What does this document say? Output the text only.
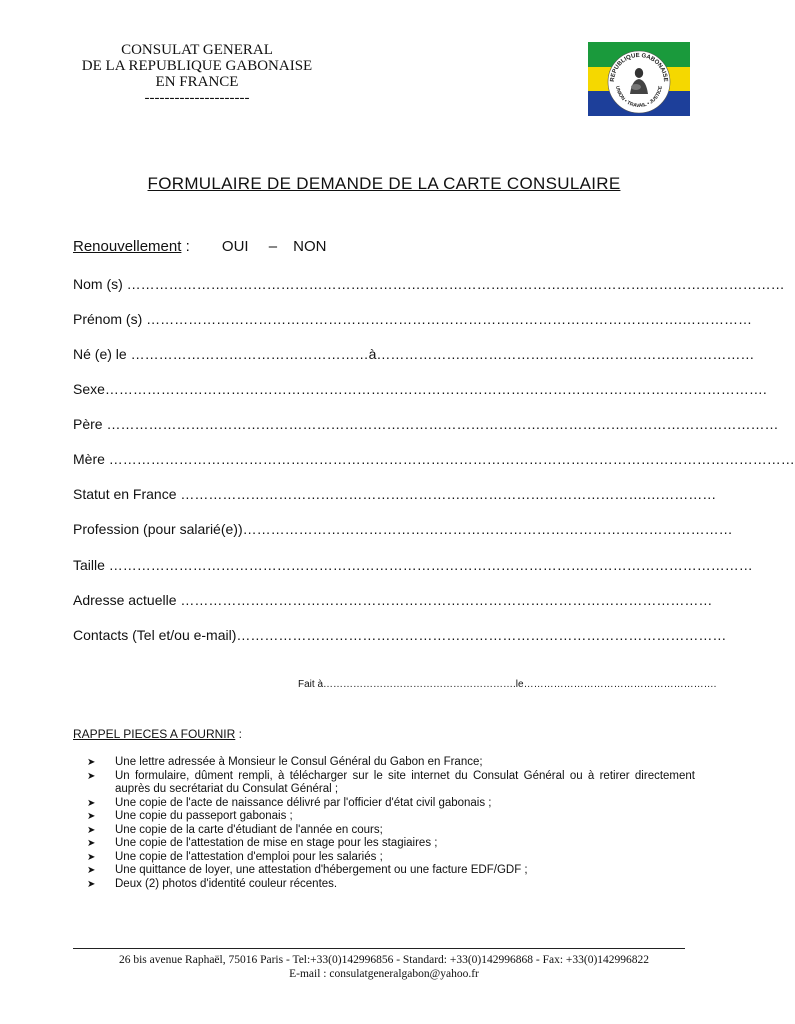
CONSULAT GENERAL
DE LA REPUBLIQUE GABONAISE
EN FRANCE
---------------------
REPUBLIQUE GABONAISE
UNION • TRAVAIL • JUSTICE
FORMULAIRE DE DEMANDE DE LA CARTE CONSULAIRE
Renouvellement : OUI – NON
Nom (s) ……………………………………………………………………………………………………………………………
Prénom (s) …………………………………………………………………………………………………….……………
Né (e) le ……………………………………………à………………………………………………………………………
Sexe…………………………………………………………………………………………………………………………….
Père ………………………………………………………………………………………………………………………………
Mère …………………………………………………………………………………………………………………………………
Statut en France ……………………………………………………………………………………….……………
Profession (pour salarié(e))……………………………………………………………………………………………
Taille …………………………………………………………………………………………………………………………
Adresse actuelle ……………………………………………………………………………………………………
Contacts (Tel et/ou e-mail)……………………………………………………………………………………………
Fait à………………………………………………….le………………………………………………….
RAPPEL PIECES A FOURNIR :
➤ Une lettre adressée à Monsieur le Consul Général du Gabon en France;
➤ Un formulaire, dûment rempli, à télécharger sur le site internet du Consulat Général ou à retirer directement auprès du secrétariat du Consulat Général ;
➤ Une copie de l'acte de naissance délivré par l'officier d'état civil gabonais ;
➤ Une copie du passeport gabonais ;
➤ Une copie de la carte d'étudiant de l'année en cours;
➤ Une copie de l'attestation de mise en stage pour les stagiaires ;
➤ Une copie de l'attestation d'emploi pour les salariés ;
➤ Une quittance de loyer, une attestation d'hébergement ou une facture EDF/GDF ;
➤ Deux (2) photos d'identité couleur récentes.
26 bis avenue Raphaël, 75016 Paris - Tel:+33(0)142996856 - Standard: +33(0)142996868 - Fax: +33(0)142996822
E-mail : consulatgeneralgabon@yahoo.fr
